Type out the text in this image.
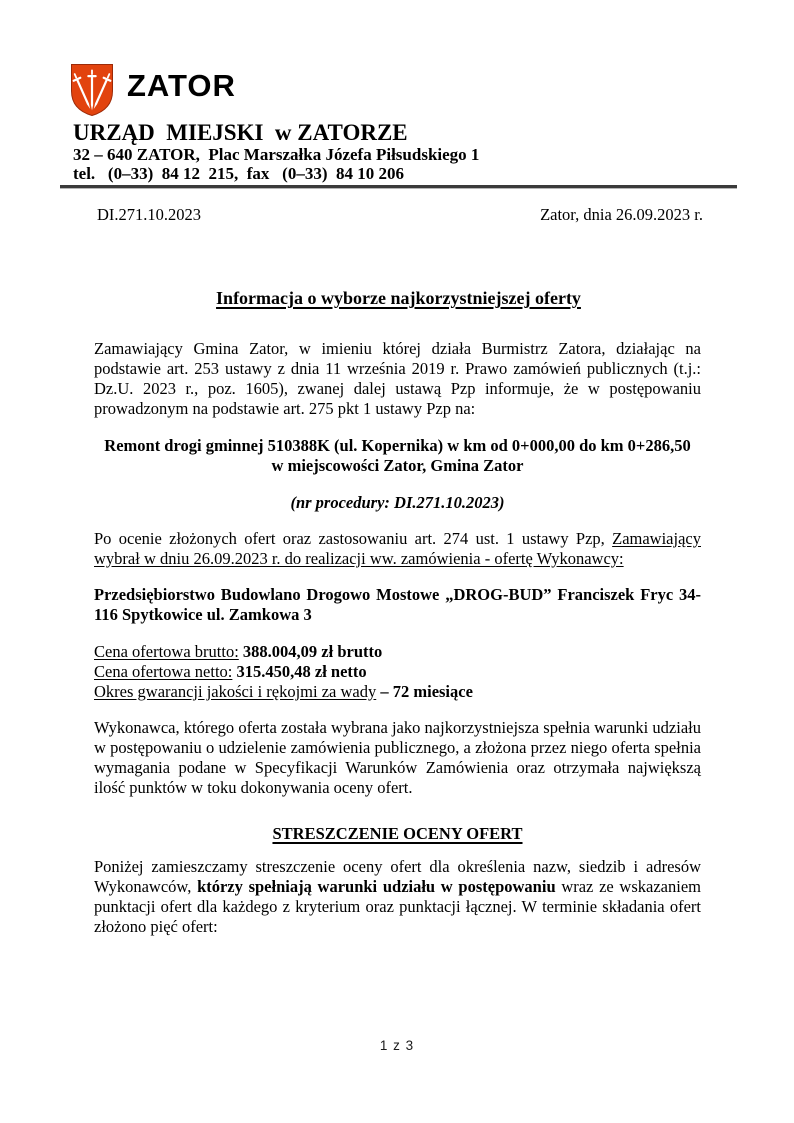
ZATOR
URZĄD  MIEJSKI  w ZATORZE
32 – 640 ZATOR,  Plac Marszałka Józefa Piłsudskiego 1
tel.   (0–33)  84 12  215,  fax   (0–33)  84 10 206
DI.271.10.2023	Zator, dnia 26.09.2023 r.
Informacja o wyborze najkorzystniejszej oferty

Zamawiający Gmina Zator, w imieniu której działa Burmistrz Zatora, działając na podstawie art. 253 ustawy z dnia 11 września 2019 r. Prawo zamówień publicznych (t.j.: Dz.U. 2023 r., poz. 1605), zwanej dalej ustawą Pzp informuje, że w postępowaniu prowadzonym na podstawie art. 275 pkt 1 ustawy Pzp na:

Remont drogi gminnej 510388K (ul. Kopernika) w km od 0+000,00 do km 0+286,50
w miejscowości Zator, Gmina Zator
(nr procedury: DI.271.10.2023)

Po ocenie złożonych ofert oraz zastosowaniu art. 274 ust. 1 ustawy Pzp, Zamawiający wybrał w dniu 26.09.2023 r. do realizacji ww. zamówienia - ofertę Wykonawcy:

Przedsiębiorstwo Budowlano Drogowo Mostowe „DROG-BUD” Franciszek Fryc 34-116 Spytkowice ul. Zamkowa 3

Cena ofertowa brutto: 388.004,09 zł brutto
Cena ofertowa netto: 315.450,48 zł netto
Okres gwarancji jakości i rękojmi za wady – 72 miesiące

Wykonawca, którego oferta została wybrana jako najkorzystniejsza spełnia warunki udziału w postępowaniu o udzielenie zamówienia publicznego, a złożona przez niego oferta spełnia wymagania podane w Specyfikacji Warunków Zamówienia oraz otrzymała największą ilość punktów w toku dokonywania oceny ofert.

STRESZCZENIE OCENY OFERT

Poniżej zamieszczamy streszczenie oceny ofert dla określenia nazw, siedzib i adresów Wykonawców, którzy spełniają warunki udziału w postępowaniu wraz ze wskazaniem punktacji ofert dla każdego z kryterium oraz punktacji łącznej. W terminie składania ofert złożono pięć ofert:

1 z 3
